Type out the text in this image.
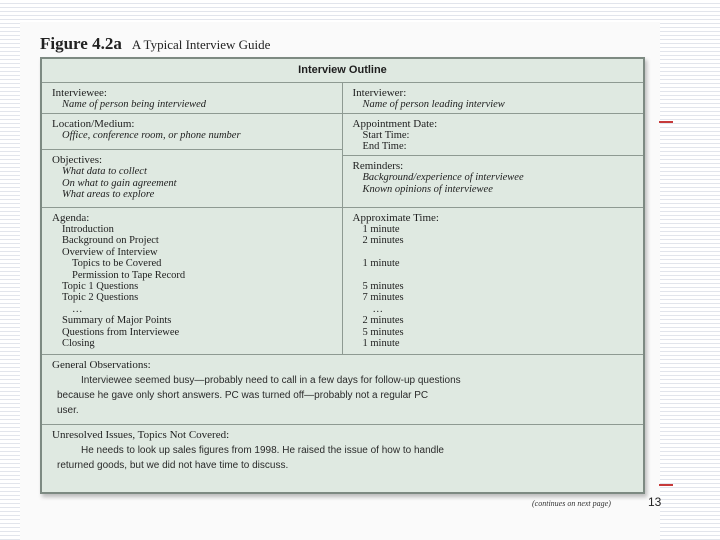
Figure 4.2a A Typical Interview Guide
Interview Outline
Interviewee:
Name of person being interviewed
Interviewer:
Name of person leading interview
Location/Medium:
Office, conference room, or phone number
Objectives:
What data to collect
On what to gain agreement
What areas to explore
Appointment Date:
Start Time:
End Time:
Reminders:
Background/experience of interviewee
Known opinions of interviewee
Agenda:
Introduction
Background on Project
Overview of Interview
Topics to be Covered
Permission to Tape Record
Topic 1 Questions
Topic 2 Questions
…
Summary of Major Points
Questions from Interviewee
Closing
Approximate Time:
1 minute
2 minutes
1 minute
5 minutes
7 minutes
…
2 minutes
5 minutes
1 minute
General Observations:
Interviewee seemed busy—probably need to call in a few days for follow-up questions
because he gave only short answers. PC was turned off—probably not a regular PC
user.
Unresolved Issues, Topics Not Covered:
He needs to look up sales figures from 1998. He raised the issue of how to handle
returned goods, but we did not have time to discuss.
(continues on next page)	13
